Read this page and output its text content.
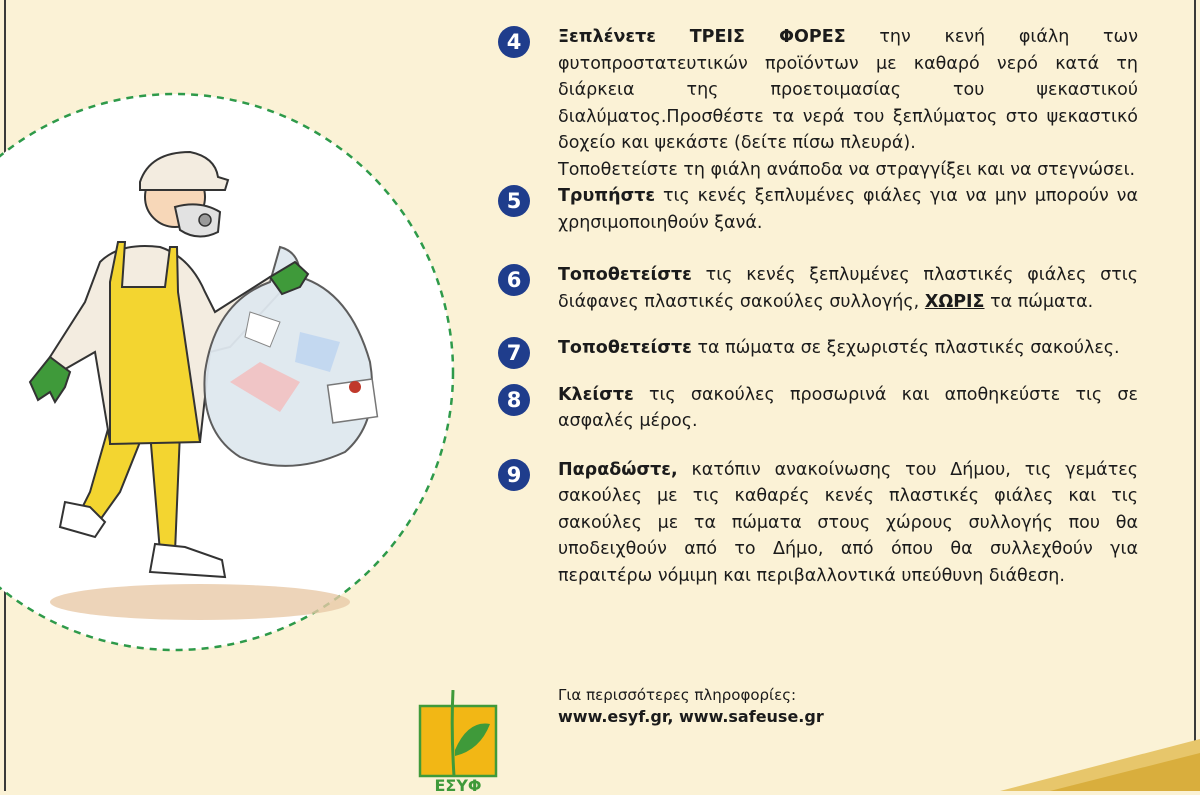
4	Ξεπλένετε ΤΡΕΙΣ ΦΟΡΕΣ την κενή φιάλη των φυτοπροστατευτικών προϊόντων με καθαρό νερό κατά τη διάρκεια της προετοιμασίας του ψεκαστικού διαλύματος.Προσθέστε τα νερά του ξεπλύματος στο ψεκαστικό δοχείο και ψεκάστε (δείτε πίσω πλευρά).

Τοποθετείστε τη φιάλη ανάποδα να στραγγίξει και να στεγνώσει.

5	Τρυπήστε τις κενές ξεπλυμένες φιάλες για να μην μπορούν να χρησιμοποιηθούν ξανά.

6	Τοποθετείστε τις κενές ξεπλυμένες πλαστικές φιάλες στις διάφανες πλαστικές σακούλες συλλογής, ΧΩΡΙΣ τα πώματα.

7	Τοποθετείστε τα πώματα σε ξεχωριστές πλαστικές σακούλες.

8	Κλείστε τις σακούλες προσωρινά και αποθηκεύστε τις σε ασφαλές μέρος.

9	Παραδώστε, κατόπιν ανακοίνωσης του Δήμου, τις γεμάτες σακούλες με τις καθαρές κενές πλαστικές φιάλες και τις σακούλες με τα πώματα στους χώρους συλλογής που θα υποδειχθούν από το Δήμο, από όπου θα συλλεχθούν για περαιτέρω νόμιμη και περιβαλλοντικά υπεύθυνη διάθεση.

Για περισσότερες πληροφορίες:
www.esyf.gr, www.safeuse.gr
ΕΣΥΦ
